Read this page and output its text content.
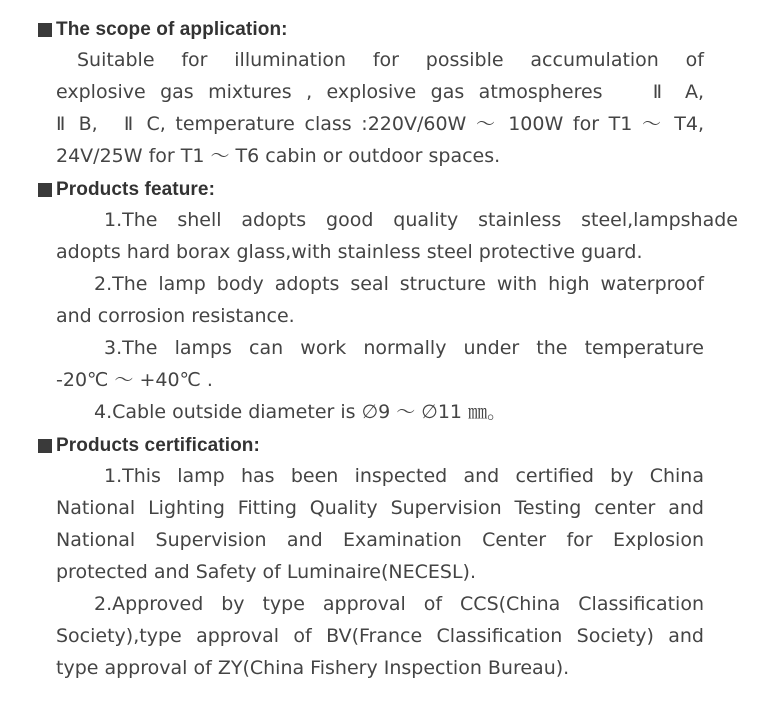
The scope of application:
Suitable for illumination for possible accumulation of
explosive gas mixtures , explosive gas atmospheres　 Ⅱ A,
Ⅱ B,　Ⅱ C, temperature class :220V/60W ～ 100W for T1 ～ T4,
24V/25W for T1 ～ T6 cabin or outdoor spaces.
Products feature:
1.The shell adopts good quality stainless steel,lampshade
adopts hard borax glass,with stainless steel protective guard.
2.The lamp body adopts seal structure with high waterproof
and corrosion resistance.
3.The lamps can work normally under the temperature
-20℃ ～ +40℃ .
4.Cable outside diameter is ∅9 ～ ∅11 ㎜。
Products certification:
1.This lamp has been inspected and certified by China
National Lighting Fitting Quality Supervision Testing center and
National Supervision and Examination Center for Explosion
protected and Safety of Luminaire(NECESL).
2.Approved by type approval of CCS(China Classification
Society),type approval of BV(France Classification Society) and
type approval of ZY(China Fishery Inspection Bureau).
